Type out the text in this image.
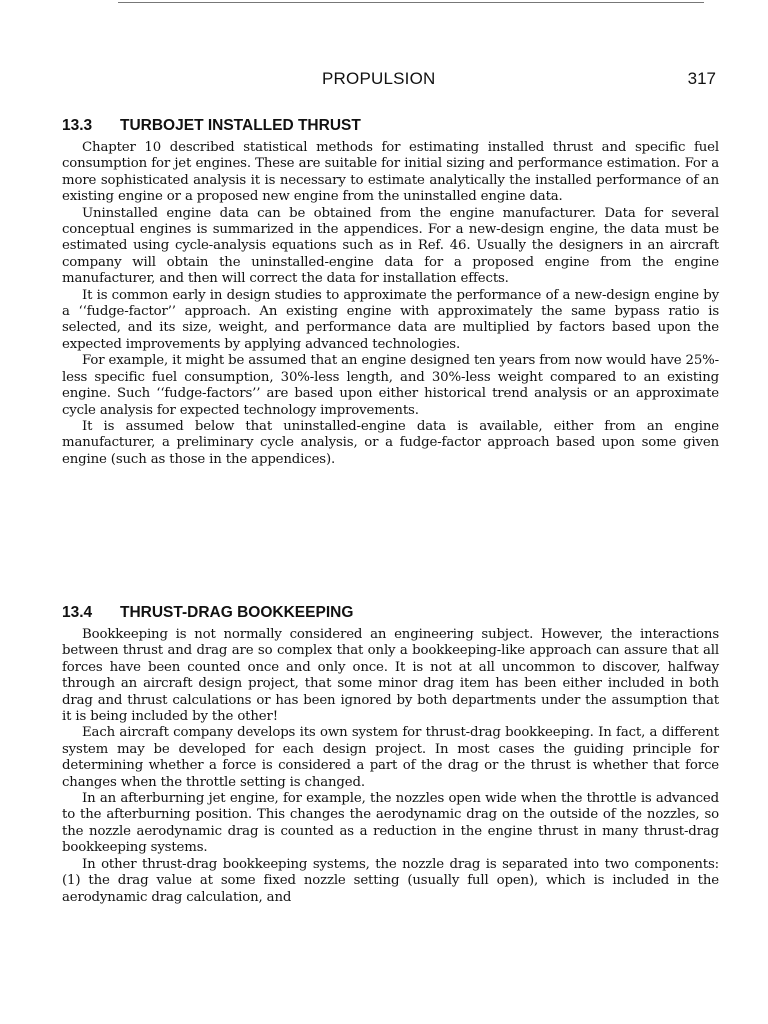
PROPULSION	317
13.3 TURBOJET INSTALLED THRUST

Chapter 10 described statistical methods for estimating installed thrust and specific fuel consumption for jet engines. These are suitable for initial sizing and performance estimation. For a more sophisticated analysis it is necessary to estimate analytically the installed performance of an existing engine or a proposed new engine from the uninstalled engine data.

Uninstalled engine data can be obtained from the engine manufacturer. Data for several conceptual engines is summarized in the appendices. For a new-design engine, the data must be estimated using cycle-analysis equations such as in Ref. 46. Usually the designers in an aircraft company will obtain the uninstalled-engine data for a proposed engine from the engine manufacturer, and then will correct the data for installation effects.

It is common early in design studies to approximate the performance of a new-design engine by a ‘‘fudge-factor’’ approach. An existing engine with approximately the same bypass ratio is selected, and its size, weight, and performance data are multiplied by factors based upon the expected improvements by applying advanced technologies.

For example, it might be assumed that an engine designed ten years from now would have 25%-less specific fuel consumption, 30%-less length, and 30%-less weight compared to an existing engine. Such ‘‘fudge-factors’’ are based upon either historical trend analysis or an approximate cycle analysis for expected technology improvements.

It is assumed below that uninstalled-engine data is available, either from an engine manufacturer, a preliminary cycle analysis, or a fudge-factor approach based upon some given engine (such as those in the appendices).

13.4 THRUST-DRAG BOOKKEEPING

Bookkeeping is not normally considered an engineering subject. However, the interactions between thrust and drag are so complex that only a bookkeeping-like approach can assure that all forces have been counted once and only once. It is not at all uncommon to discover, halfway through an aircraft design project, that some minor drag item has been either included in both drag and thrust calculations or has been ignored by both departments under the assumption that it is being included by the other!

Each aircraft company develops its own system for thrust-drag bookkeeping. In fact, a different system may be developed for each design project. In most cases the guiding principle for determining whether a force is considered a part of the drag or the thrust is whether that force changes when the throttle setting is changed.

In an afterburning jet engine, for example, the nozzles open wide when the throttle is advanced to the afterburning position. This changes the aerodynamic drag on the outside of the nozzles, so the nozzle aerodynamic drag is counted as a reduction in the engine thrust in many thrust-drag bookkeeping systems.

In other thrust-drag bookkeeping systems, the nozzle drag is separated into two components: (1) the drag value at some fixed nozzle setting (usually full open), which is included in the aerodynamic drag calculation, and
